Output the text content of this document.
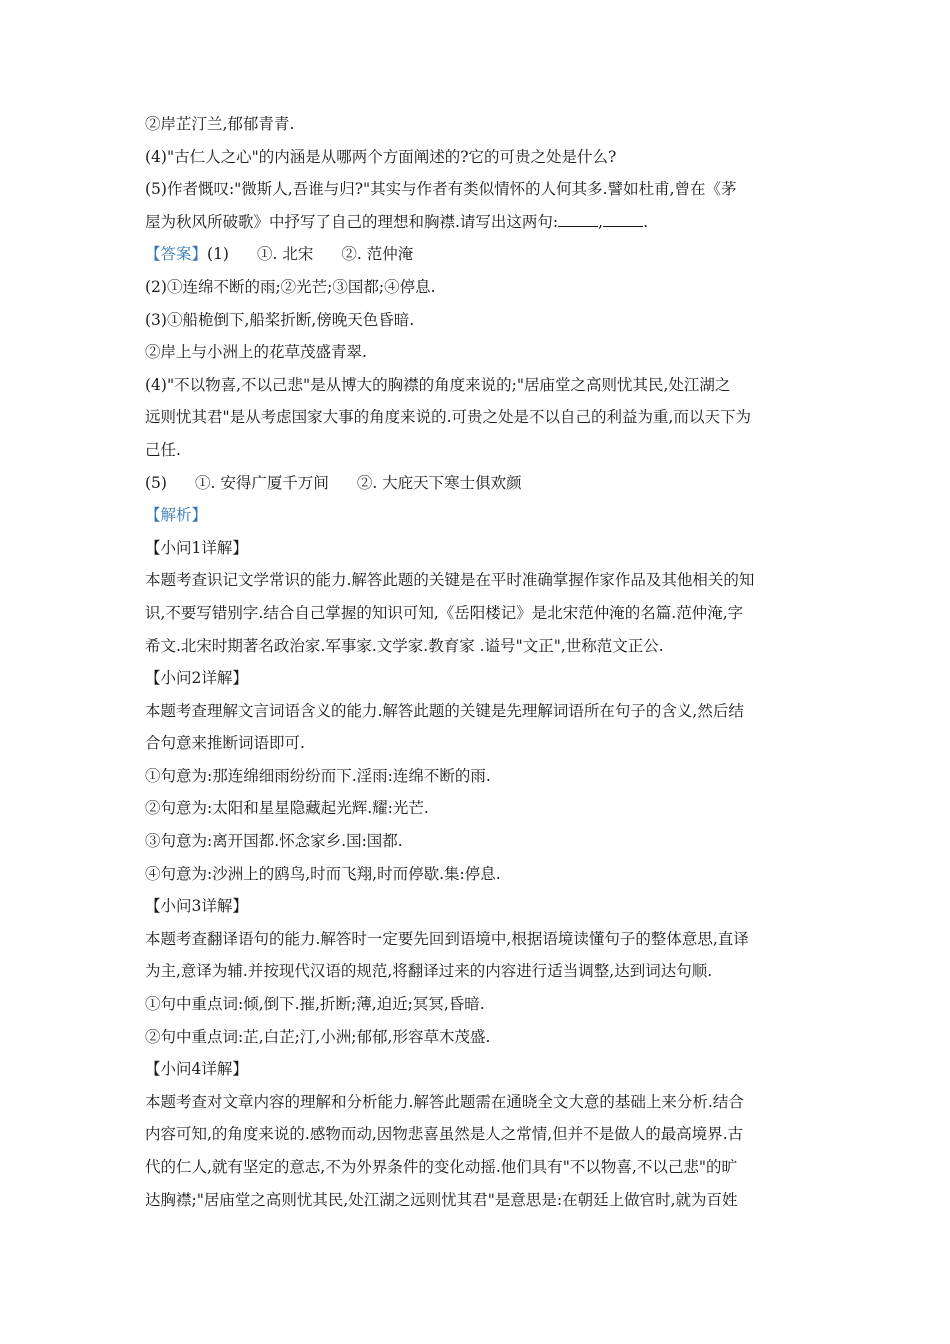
②岸芷汀兰,郁郁青青.
(4)"古仁人之心"的内涵是从哪两个方面阐述的?它的可贵之处是什么?
(5)作者慨叹:"微斯人,吾谁与归?"其实与作者有类似情怀的人何其多.譬如杜甫,曾在《茅
屋为秋风所破歌》中抒写了自己的理想和胸襟.请写出这两句:	,	.
【答案】(1) ①. 北宋 ②. 范仲淹
(2)①连绵不断的雨;②光芒;③国都;④停息.
(3)①船桅倒下,船桨折断,傍晚天色昏暗.
②岸上与小洲上的花草茂盛青翠.
(4)"不以物喜,不以己悲"是从博大的胸襟的角度来说的;"居庙堂之高则忧其民,处江湖之
远则忧其君"是从考虑国家大事的角度来说的.可贵之处是不以自己的利益为重,而以天下为
己任.
(5) ①. 安得广厦千万间 ②. 大庇天下寒士俱欢颜
【解析】
【小问1详解】
本题考查识记文学常识的能力.解答此题的关键是在平时准确掌握作家作品及其他相关的知
识,不要写错别字.结合自己掌握的知识可知,《岳阳楼记》是北宋范仲淹的名篇.范仲淹,字
希文.北宋时期著名政治家.军事家.文学家.教育家 .谥号"文正",世称范文正公.
【小问2详解】
本题考查理解文言词语含义的能力.解答此题的关键是先理解词语所在句子的含义,然后结
合句意来推断词语即可.
①句意为:那连绵细雨纷纷而下.淫雨:连绵不断的雨.
②句意为:太阳和星星隐藏起光辉.耀:光芒.
③句意为:离开国都.怀念家乡.国:国都.
④句意为:沙洲上的鸥鸟,时而飞翔,时而停歇.集:停息.
【小问3详解】
本题考查翻译语句的能力.解答时一定要先回到语境中,根据语境读懂句子的整体意思,直译
为主,意译为辅.并按现代汉语的规范,将翻译过来的内容进行适当调整,达到词达句顺.
①句中重点词:倾,倒下.摧,折断;薄,迫近;冥冥,昏暗.
②句中重点词:芷,白芷;汀,小洲;郁郁,形容草木茂盛.
【小问4详解】
本题考查对文章内容的理解和分析能力.解答此题需在通晓全文大意的基础上来分析.结合
内容可知,的角度来说的.感物而动,因物悲喜虽然是人之常情,但并不是做人的最高境界.古
代的仁人,就有坚定的意志,不为外界条件的变化动摇.他们具有"不以物喜,不以己悲"的旷
达胸襟;"居庙堂之高则忧其民,处江湖之远则忧其君"是意思是:在朝廷上做官时,就为百姓
